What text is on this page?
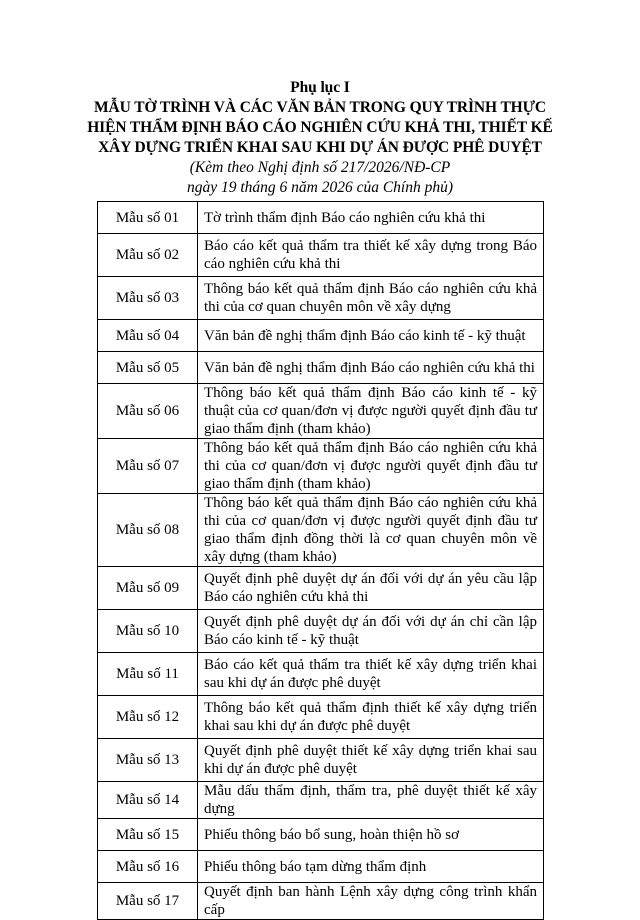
Phụ lục I
MẪU TỜ TRÌNH VÀ CÁC VĂN BẢN TRONG QUY TRÌNH THỰC
HIỆN THẨM ĐỊNH BÁO CÁO NGHIÊN CỨU KHẢ THI, THIẾT KẾ
XÂY DỰNG TRIỂN KHAI SAU KHI DỰ ÁN ĐƯỢC PHÊ DUYỆT
(Kèm theo Nghị định số 217/2026/NĐ-CP
ngày 19 tháng 6 năm 2026 của Chính phủ)
Mẫu số 01	Tờ trình thẩm định Báo cáo nghiên cứu khả thi
Mẫu số 02	Báo cáo kết quả thẩm tra thiết kế xây dựng trong Báo cáo nghiên cứu khả thi
Mẫu số 03	Thông báo kết quả thẩm định Báo cáo nghiên cứu khả thi của cơ quan chuyên môn về xây dựng
Mẫu số 04	Văn bản đề nghị thẩm định Báo cáo kinh tế - kỹ thuật
Mẫu số 05	Văn bản đề nghị thẩm định Báo cáo nghiên cứu khả thi
Mẫu số 06	Thông báo kết quả thẩm định Báo cáo kinh tế - kỹ thuật của cơ quan/đơn vị được người quyết định đầu tư giao thẩm định (tham khảo)
Mẫu số 07	Thông báo kết quả thẩm định Báo cáo nghiên cứu khả thi của cơ quan/đơn vị được người quyết định đầu tư giao thẩm định (tham khảo)
Mẫu số 08	Thông báo kết quả thẩm định Báo cáo nghiên cứu khả thi của cơ quan/đơn vị được người quyết định đầu tư giao thẩm định đồng thời là cơ quan chuyên môn về xây dựng (tham khảo)
Mẫu số 09	Quyết định phê duyệt dự án đối với dự án yêu cầu lập Báo cáo nghiên cứu khả thi
Mẫu số 10	Quyết định phê duyệt dự án đối với dự án chỉ cần lập Báo cáo kinh tế - kỹ thuật
Mẫu số 11	Báo cáo kết quả thẩm tra thiết kế xây dựng triển khai sau khi dự án được phê duyệt
Mẫu số 12	Thông báo kết quả thẩm định thiết kế xây dựng triển khai sau khi dự án được phê duyệt
Mẫu số 13	Quyết định phê duyệt thiết kế xây dựng triển khai sau khi dự án được phê duyệt
Mẫu số 14	Mẫu dấu thẩm định, thẩm tra, phê duyệt thiết kế xây dựng
Mẫu số 15	Phiếu thông báo bổ sung, hoàn thiện hồ sơ
Mẫu số 16	Phiếu thông báo tạm dừng thẩm định
Mẫu số 17	Quyết định ban hành Lệnh xây dựng công trình khẩn cấp
